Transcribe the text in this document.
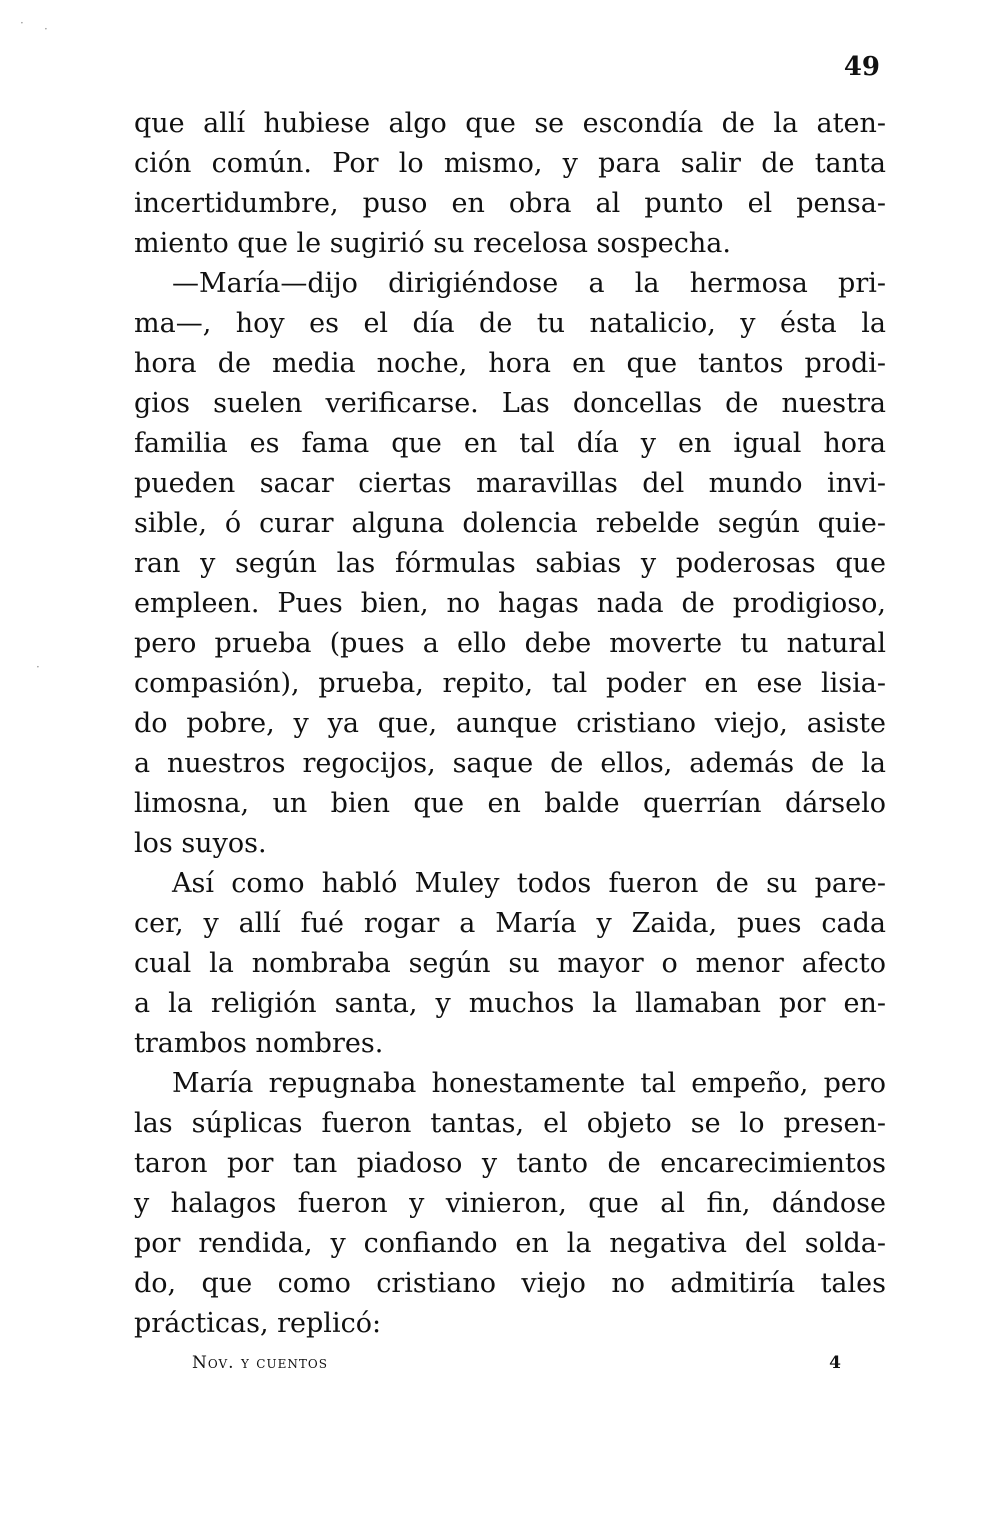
· ·
·
49
que allí hubiese algo que se escondía de la aten-
ción común. Por lo mismo, y para salir de tanta
incertidumbre, puso en obra al punto el pensa-
miento que le sugirió su recelosa sospecha.
—María—dijo dirigiéndose a la hermosa pri-
ma—, hoy es el día de tu natalicio, y ésta la
hora de media noche, hora en que tantos prodi-
gios suelen verificarse. Las doncellas de nuestra
familia es fama que en tal día y en igual hora
pueden sacar ciertas maravillas del mundo invi-
sible, ó curar alguna dolencia rebelde según quie-
ran y según las fórmulas sabias y poderosas que
empleen. Pues bien, no hagas nada de prodigioso,
pero prueba (pues a ello debe moverte tu natural
compasión), prueba, repito, tal poder en ese lisia-
do pobre, y ya que, aunque cristiano viejo, asiste
a nuestros regocijos, saque de ellos, además de la
limosna, un bien que en balde querrían dárselo
los suyos.
Así como habló Muley todos fueron de su pare-
cer, y allí fué rogar a María y Zaida, pues cada
cual la nombraba según su mayor o menor afecto
a la religión santa, y muchos la llamaban por en-
trambos nombres.
María repugnaba honestamente tal empeño, pero
las súplicas fueron tantas, el objeto se lo presen-
taron por tan piadoso y tanto de encarecimientos
y halagos fueron y vinieron, que al fin, dándose
por rendida, y confiando en la negativa del solda-
do, que como cristiano viejo no admitiría tales
prácticas, replicó:
Nov. y cuentos	4
